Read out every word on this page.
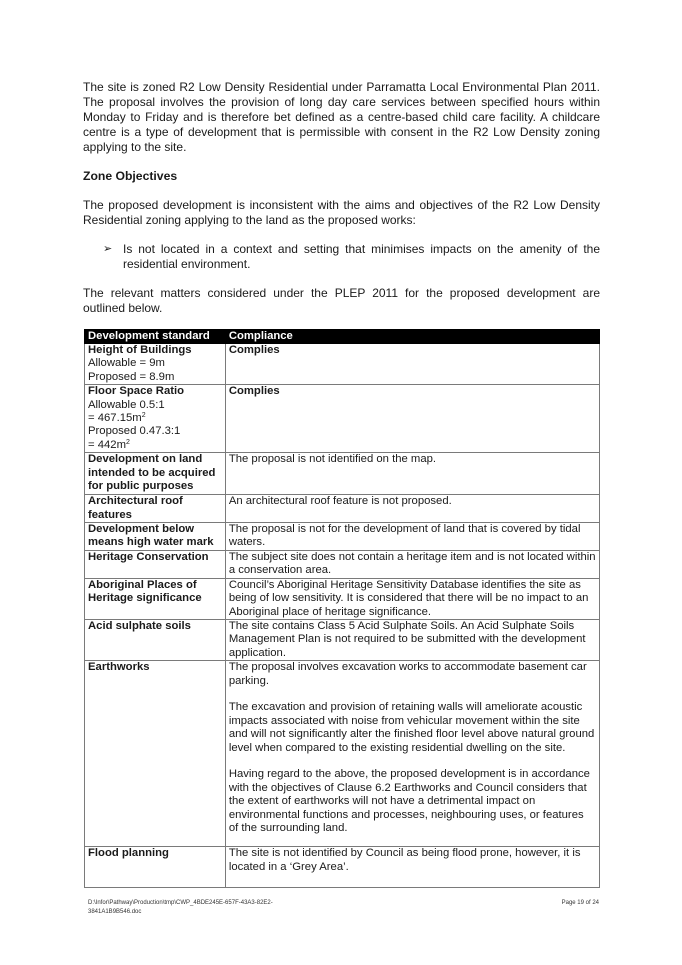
The site is zoned R2 Low Density Residential under Parramatta Local Environmental Plan 2011. The proposal involves the provision of long day care services between specified hours within Monday to Friday and is therefore bet defined as a centre-based child care facility. A childcare centre is a type of development that is permissible with consent in the R2 Low Density zoning applying to the site.

Zone Objectives

The proposed development is inconsistent with the aims and objectives of the R2 Low Density Residential zoning applying to the land as the proposed works:

➢ Is not located in a context and setting that minimises impacts on the amenity of the residential environment.

The relevant matters considered under the PLEP 2011 for the proposed development are outlined below.

Development standard	Compliance

Height of Buildings
Allowable = 9m
Proposed = 8.9m	Complies

Floor Space Ratio
Allowable 0.5:1
= $467.15m^2$
Proposed 0.47.3:1
= $442m^2$	Complies

Development on land intended to be acquired for public purposes	The proposal is not identified on the map.
Architectural roof features	An architectural roof feature is not proposed.
Development below means high water mark	The proposal is not for the development of land that is covered by tidal waters.
Heritage Conservation	The subject site does not contain a heritage item and is not located within a conservation area.
Aboriginal Places of Heritage significance	Council’s Aboriginal Heritage Sensitivity Database identifies the site as being of low sensitivity. It is considered that there will be no impact to an Aboriginal place of heritage significance.
Acid sulphate soils	The site contains Class 5 Acid Sulphate Soils. An Acid Sulphate Soils Management Plan is not required to be submitted with the development application.
Earthworks	The proposal involves excavation works to accommodate basement car parking.
The excavation and provision of retaining walls will ameliorate acoustic impacts associated with noise from vehicular movement within the site and will not significantly alter the finished floor level above natural ground level when compared to the existing residential dwelling on the site.
Having regard to the above, the proposed development is in accordance with the objectives of Clause 6.2 Earthworks and Council considers that the extent of earthworks will not have a detrimental impact on environmental functions and processes, neighbouring uses, or features of the surrounding land.

Flood planning	The site is not identified by Council as being flood prone, however, it is located in a ‘Grey Area’.
D:\Infor\Pathway\Production\tmp\CWP_4BDE245E-657F-43A3-82E2-
3841A1B9B546.doc
Page 19 of 24
